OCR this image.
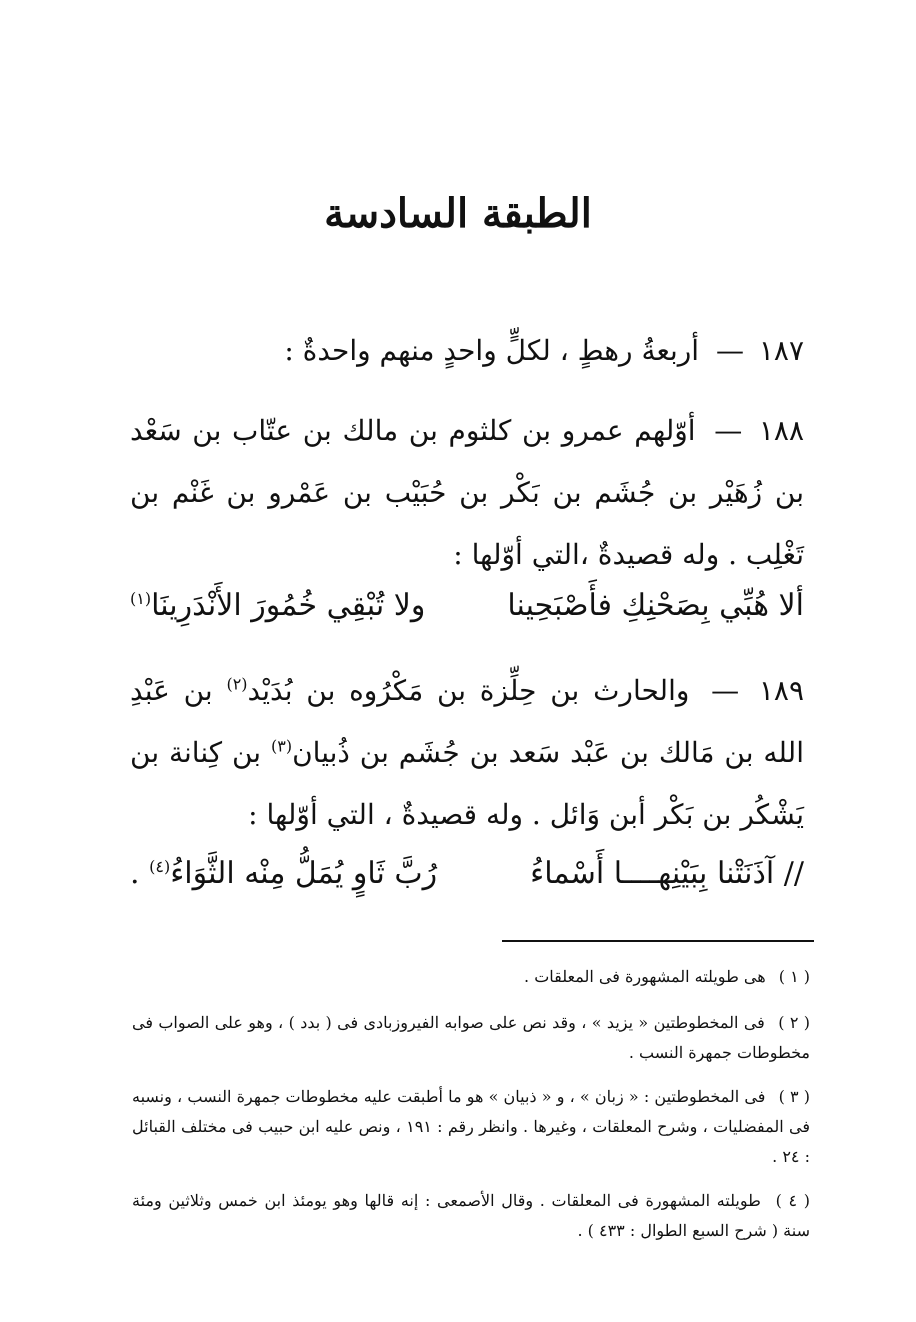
الطبقة السادسة
١٨٧ — أربعةُ رهطٍ ، لكلٍّ واحدٍ منهم واحدةٌ :
١٨٨ — أوّلهم عمرو بن كلثوم بن مالك بن عتّاب بن سَعْد بن زُهَيْر بن جُشَم بن بَكْر بن حُبَيْب بن عَمْرو بن غَنْم بن تَغْلِب . وله قصيدةٌ ،التي أوّلها :
ألا هُبِّي بِصَحْنِكِ فأَصْبَحِينا
ولا تُبْقِي خُمُورَ الأَنْدَرِينَا$^{(١)}$
١٨٩ — والحارث بن حِلِّزة بن مَكْرُوه بن بُدَيْد$^{(٢)}$ بن عَبْدِ الله بن مَالك بن عَبْد سَعد بن جُشَم بن ذُبيان$^{(٣)}$ بن كِنانة بن يَشْكُر بن بَكْر أبن وَائل . وله قصيدةٌ ، التي أوّلها :
// آذَنَتْنا بِبَيْنِهــــا أَسْماءُ
رُبَّ ثَاوٍ يُمَلُّ مِنْه الثَّوَاءُ$^{(٤)}$ .
( ١ ) هى طويلته المشهورة فى المعلقات .
( ٢ ) فى المخطوطتين « يزيد » ، وقد نص على صوابه الفيروزبادى فى ( بدد ) ، وهو على الصواب فى مخطوطات جمهرة النسب .
( ٣ ) فى المخطوطتين : « زبان » ، و « ذبيان » هو ما أطبقت عليه مخطوطات جمهرة النسب ، ونسبه فى المفضليات ، وشرح المعلقات ، وغيرها . وانظر رقم : ١٩١ ، ونص عليه ابن حبيب فى مختلف القبائل : ٢٤ .
( ٤ ) طويلته المشهورة فى المعلقات . وقال الأصمعى : إنه قالها وهو يومئذ ابن خمس وثلاثين ومئة سنة ( شرح السبع الطوال : ٤٣٣ ) .
